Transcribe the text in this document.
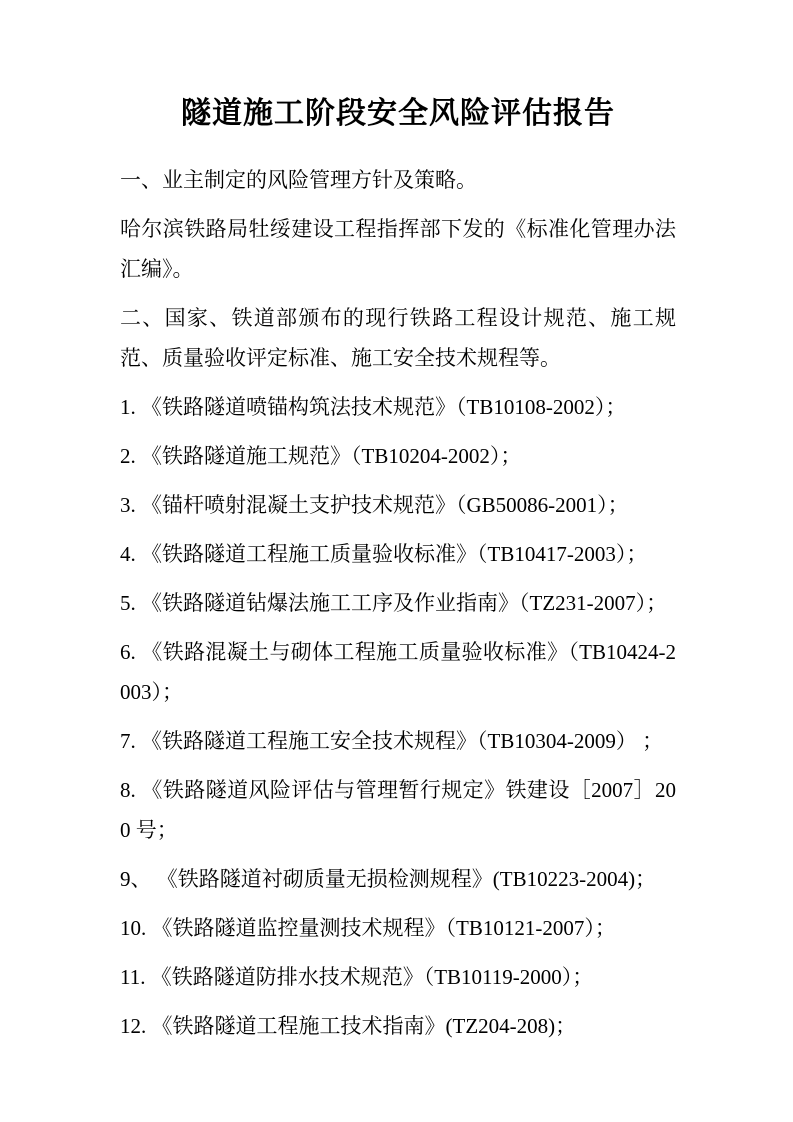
隧道施工阶段安全风险评估报告

一、业主制定的风险管理方针及策略。

哈尔滨铁路局牡绥建设工程指挥部下发的《标准化管理办法汇编》。

二、国家、铁道部颁布的现行铁路工程设计规范、施工规范、质量验收评定标准、施工安全技术规程等。

1. 《铁路隧道喷锚构筑法技术规范》（TB10108-2002）；

2. 《铁路隧道施工规范》（TB10204-2002）；

3. 《锚杆喷射混凝土支护技术规范》（GB50086-2001）；

4. 《铁路隧道工程施工质量验收标准》（TB10417-2003）；

5. 《铁路隧道钻爆法施工工序及作业指南》（TZ231-2007）；

6. 《铁路混凝土与砌体工程施工质量验收标准》（TB10424-2003）；

7. 《铁路隧道工程施工安全技术规程》（TB10304-2009） ；

8. 《铁路隧道风险评估与管理暂行规定》铁建设［2007］200 号；

9、 《铁路隧道衬砌质量无损检测规程》(TB10223-2004)；

10. 《铁路隧道监控量测技术规程》（TB10121-2007）；

11. 《铁路隧道防排水技术规范》（TB10119-2000）；

12. 《铁路隧道工程施工技术指南》(TZ204-208)；
